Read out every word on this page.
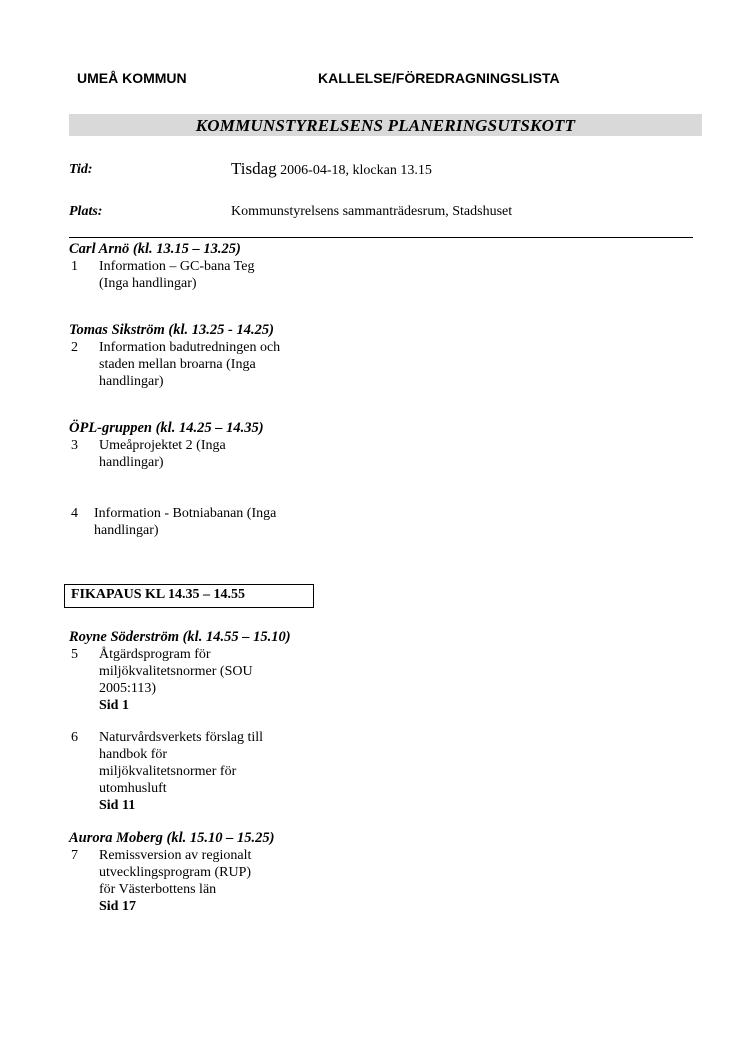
UMEÅ KOMMUN	KALLELSE/FÖREDRAGNINGSLISTA
KOMMUNSTYRELSENS PLANERINGSUTSKOTT
Tid:	Tisdag 2006-04-18, klockan 13.15
Plats:	Kommunstyrelsens sammanträdesrum, Stadshuset
Carl Arnö (kl. 13.15 – 13.25)
1 Information – GC-bana Teg
(Inga handlingar)
Tomas Sikström (kl. 13.25 - 14.25)
2 Information badutredningen och
staden mellan broarna (Inga
handlingar)
ÖPL-gruppen (kl. 14.25 – 14.35)
3 Umeåprojektet 2 (Inga
handlingar)
4 Information - Botniabanan (Inga
handlingar)
FIKAPAUS KL 14.35 – 14.55
Royne Söderström (kl. 14.55 – 15.10)
5 Åtgärdsprogram för
miljökvalitetsnormer (SOU
2005:113)
Sid 1
6 Naturvårdsverkets förslag till
handbok för
miljökvalitetsnormer för
utomhusluft
Sid 11
Aurora Moberg (kl. 15.10 – 15.25)
7 Remissversion av regionalt
utvecklingsprogram (RUP)
för Västerbottens län
Sid 17
